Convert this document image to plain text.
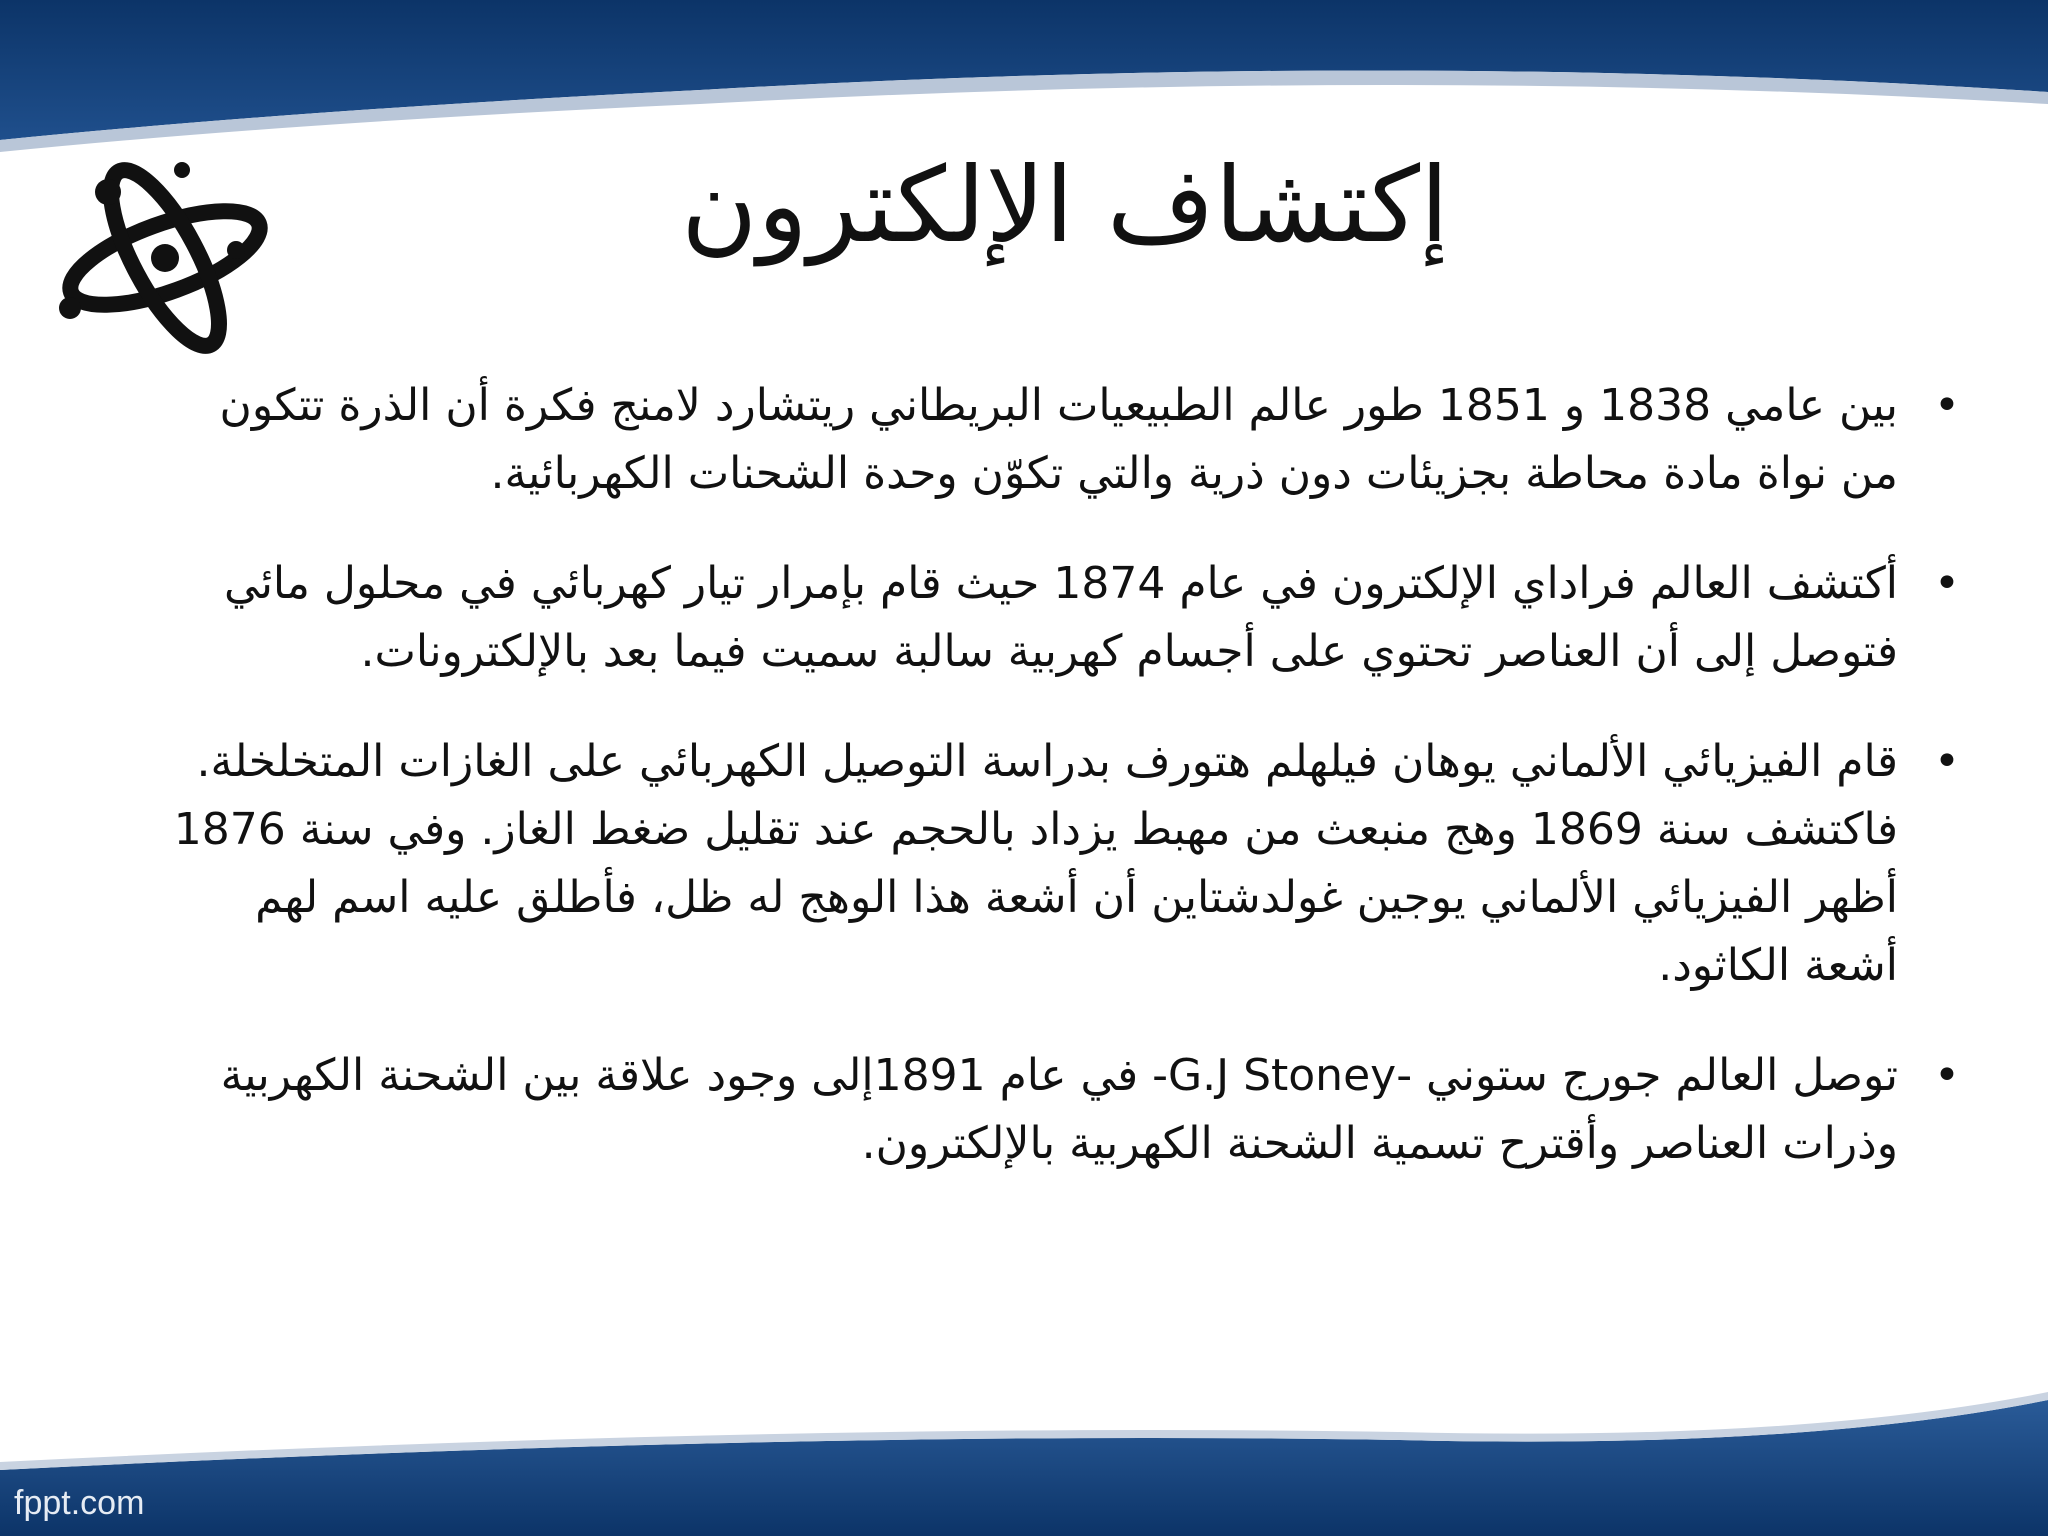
إكتشاف الإلكترون
• بين عامي 1838 و 1851 طور عالم الطبيعيات البريطاني ريتشارد لامنج فكرة أن الذرة تتكون من نواة مادة محاطة بجزيئات دون ذرية والتي تكوّن وحدة الشحنات الكهربائية.
• أكتشف العالم فراداي الإلكترون في عام 1874 حيث قام بإمرار تيار كهربائي في محلول مائي فتوصل إلى أن العناصر تحتوي على أجسام كهربية سالبة سميت فيما بعد بالإلكترونات.
• قام الفيزيائي الألماني يوهان فيلهلم هتورف بدراسة التوصيل الكهربائي على الغازات المتخلخلة. فاكتشف سنة 1869 وهج منبعث من مهبط يزداد بالحجم عند تقليل ضغط الغاز. وفي سنة 1876 أظهر الفيزيائي الألماني يوجين غولدشتاين أن أشعة هذا الوهج له ظل، فأطلق عليه اسم لهم أشعة الكاثود.
• توصل العالم جورج ستوني -G.J Stoney- في عام 1891إلى وجود علاقة بين الشحنة الكهربية وذرات العناصر وأقترح تسمية الشحنة الكهربية بالإلكترون.
fppt.com
